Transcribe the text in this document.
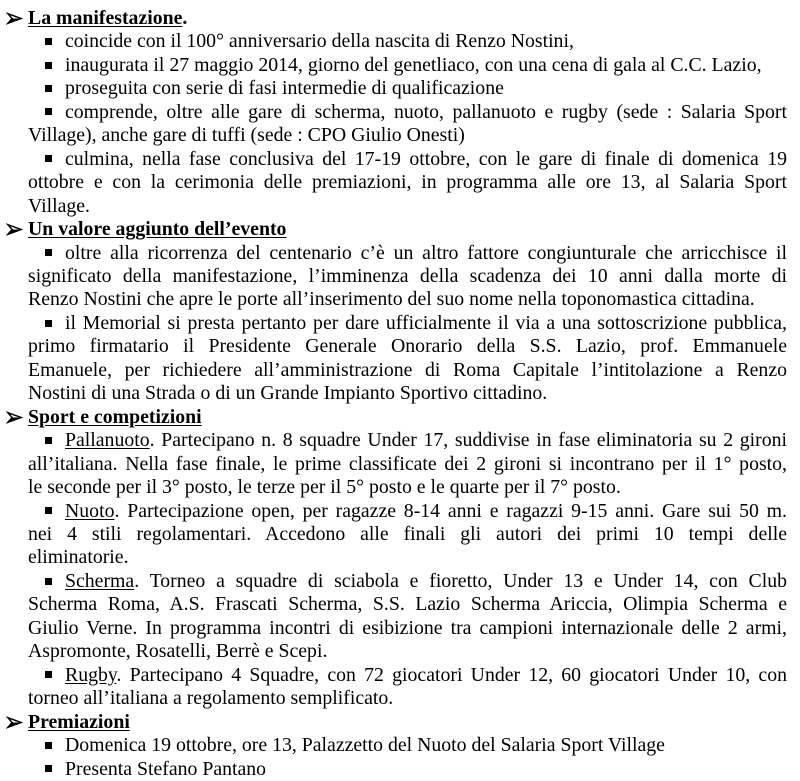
La manifestazione.
coincide con il 100° anniversario della nascita di Renzo Nostini,
inaugurata il 27 maggio 2014, giorno del genetliaco, con una cena di gala al C.C. Lazio,
proseguita con serie di fasi intermedie di qualificazione
comprende, oltre alle gare di scherma, nuoto, pallanuoto e rugby (sede : Salaria Sport
Village), anche gare di tuffi (sede : CPO Giulio Onesti)
culmina, nella fase conclusiva del 17-19 ottobre, con le gare di finale di domenica 19
ottobre e con la cerimonia delle premiazioni, in programma alle ore 13, al Salaria Sport
Village.
Un valore aggiunto dell’evento
oltre alla ricorrenza del centenario c’è un altro fattore congiunturale che arricchisce il
significato della manifestazione, l’imminenza della scadenza dei 10 anni dalla morte di
Renzo Nostini che apre le porte all’inserimento del suo nome nella toponomastica cittadina.
il Memorial si presta pertanto per dare ufficialmente il via a una sottoscrizione pubblica,
primo firmatario il Presidente Generale Onorario della S.S. Lazio, prof. Emmanuele
Emanuele, per richiedere all’amministrazione di Roma Capitale l’intitolazione a Renzo
Nostini di una Strada o di un Grande Impianto Sportivo cittadino.
Sport e competizioni
Pallanuoto. Partecipano n. 8 squadre Under 17, suddivise in fase eliminatoria su 2 gironi
all’italiana. Nella fase finale, le prime classificate dei 2 gironi si incontrano per il 1° posto,
le seconde per il 3° posto, le terze per il 5° posto e le quarte per il 7° posto.
Nuoto. Partecipazione open, per ragazze 8-14 anni e ragazzi 9-15 anni. Gare sui 50 m.
nei 4 stili regolamentari. Accedono alle finali gli autori dei primi 10 tempi delle
eliminatorie.
Scherma. Torneo a squadre di sciabola e fioretto, Under 13 e Under 14, con Club
Scherma Roma, A.S. Frascati Scherma, S.S. Lazio Scherma Ariccia, Olimpia Scherma e
Giulio Verne. In programma incontri di esibizione tra campioni internazionale delle 2 armi,
Aspromonte, Rosatelli, Berrè e Scepi.
Rugby. Partecipano 4 Squadre, con 72 giocatori Under 12, 60 giocatori Under 10, con
torneo all’italiana a regolamento semplificato.
Premiazioni
Domenica 19 ottobre, ore 13, Palazzetto del Nuoto del Salaria Sport Village
Presenta Stefano Pantano
